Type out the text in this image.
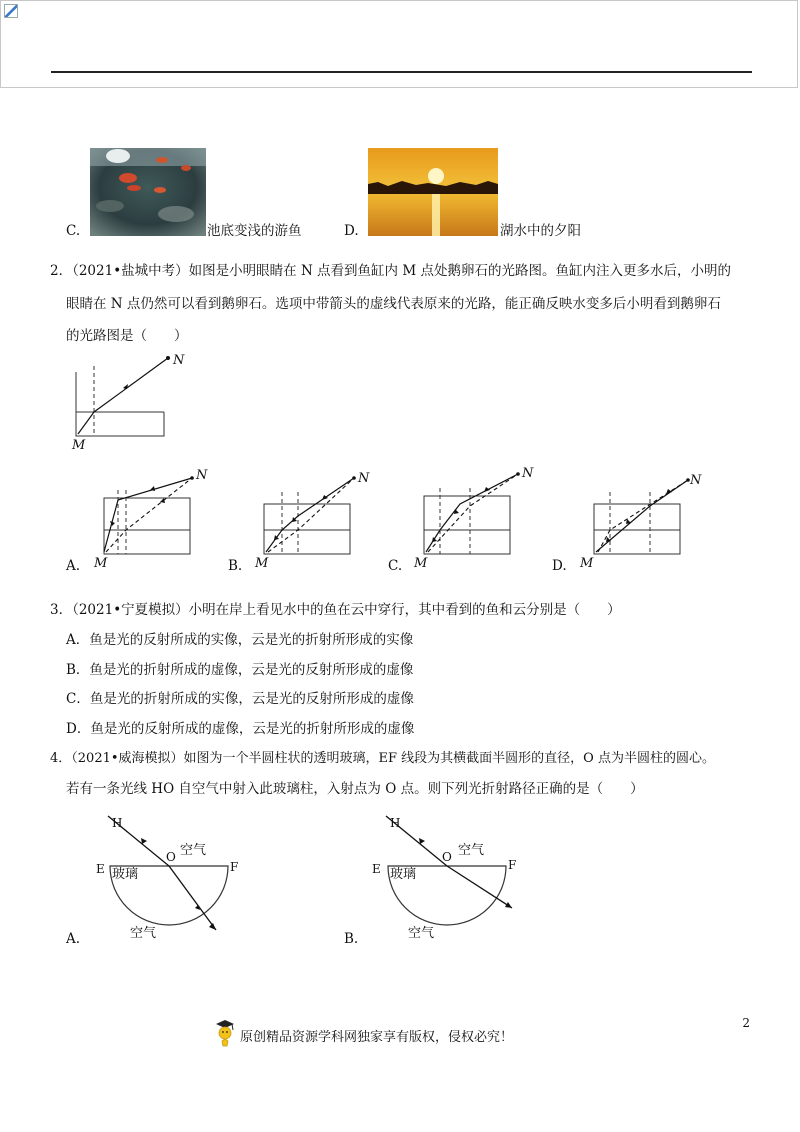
C.	池底变浅的游鱼	D.	湖水中的夕阳
2．（2021•盐城中考）如图是小明眼睛在 N 点看到鱼缸内 M 点处鹅卵石的光路图。鱼缸内注入更多水后，小明的
眼睛在 N 点仍然可以看到鹅卵石。选项中带箭头的虚线代表原来的光路，能正确反映水变多后小明看到鹅卵石
的光路图是（　　）
N
M
N	N	N	N
A. M	B. M	C. M	D. M
3．（2021•宁夏模拟）小明在岸上看见水中的鱼在云中穿行，其中看到的鱼和云分别是（　　）
A．鱼是光的反射所成的实像，云是光的折射所形成的实像
B．鱼是光的折射所成的虚像，云是光的反射所形成的虚像
C．鱼是光的折射所成的实像，云是光的反射所形成的虚像
D．鱼是光的反射所成的虚像，云是光的折射所形成的虚像
4．（2021•威海模拟）如图为一个半圆柱状的透明玻璃，EF 线段为其横截面半圆形的直径，O 点为半圆柱的圆心。
若有一条光线 HO 自空气中射入此玻璃柱，入射点为 O 点。则下列光折射路径正确的是（　　）
H
O 空气
E	F
玻璃
空气
A.
H
O 空气
E	F
玻璃
空气
B.
2
原创精品资源学科网独家享有版权，侵权必究！
